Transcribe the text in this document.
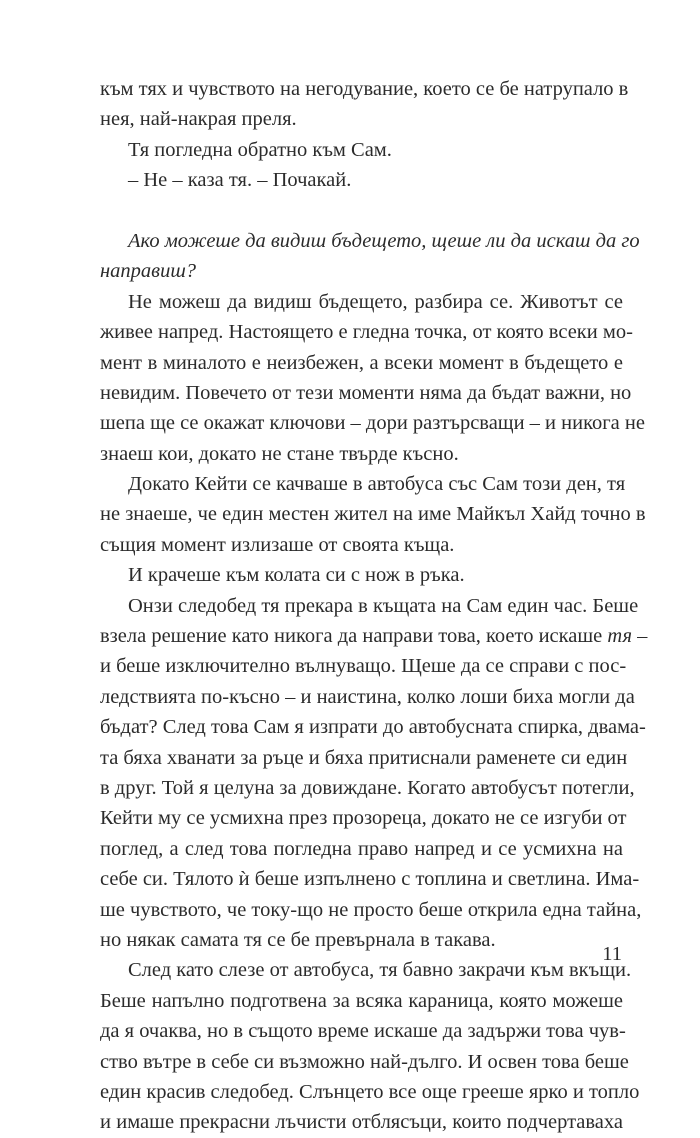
към тях и чувството на негодувание, което се бе натрупало в
нея, най-накрая преля.
Тя погледна обратно към Сам.
– Не – каза тя. – Почакай.
Ако можеше да видиш бъдещето, щеше ли да искаш да го
направиш?
Не можеш да видиш бъдещето, разбира се. Животът се
живее напред. Настоящето е гледна точка, от която всеки мо-
мент в миналото е неизбежен, а всеки момент в бъдещето е
невидим. Повечето от тези моменти няма да бъдат важни, но
шепа ще се окажат ключови – дори разтърсващи – и никога не
знаеш кои, докато не стане твърде късно.
Докато Кейти се качваше в автобуса със Сам този ден, тя
не знаеше, че един местен жител на име Майкъл Хайд точно в
същия момент излизаше от своята къща.
И крачеше към колата си с нож в ръка.
Онзи следобед тя прекара в къщата на Сам един час. Беше
взела решение като никога да направи това, което искаше тя –
и беше изключително вълнуващо. Щеше да се справи с пос-
ледствията по-късно – и наистина, колко лоши биха могли да
бъдат? След това Сам я изпрати до автобусната спирка, двама-
та бяха хванати за ръце и бяха притиснали раменете си един
в друг. Той я целуна за довиждане. Когато автобусът потегли,
Кейти му се усмихна през прозореца, докато не се изгуби от
поглед, а след това погледна право напред и се усмихна на
себе си. Тялото ѝ беше изпълнено с топлина и светлина. Има-
ше чувството, че току-що не просто беше открила една тайна,
но някак самата тя се бе превърнала в такава.
След като слезе от автобуса, тя бавно закрачи към вкъщи.
Беше напълно подготвена за всяка караница, която можеше
да я очаква, но в същото време искаше да задържи това чув-
ство вътре в себе си възможно най-дълго. И освен това беше
един красив следобед. Слънцето все още грееше ярко и топло
и имаше прекрасни лъчисти отблясъци, които подчертаваха
11
